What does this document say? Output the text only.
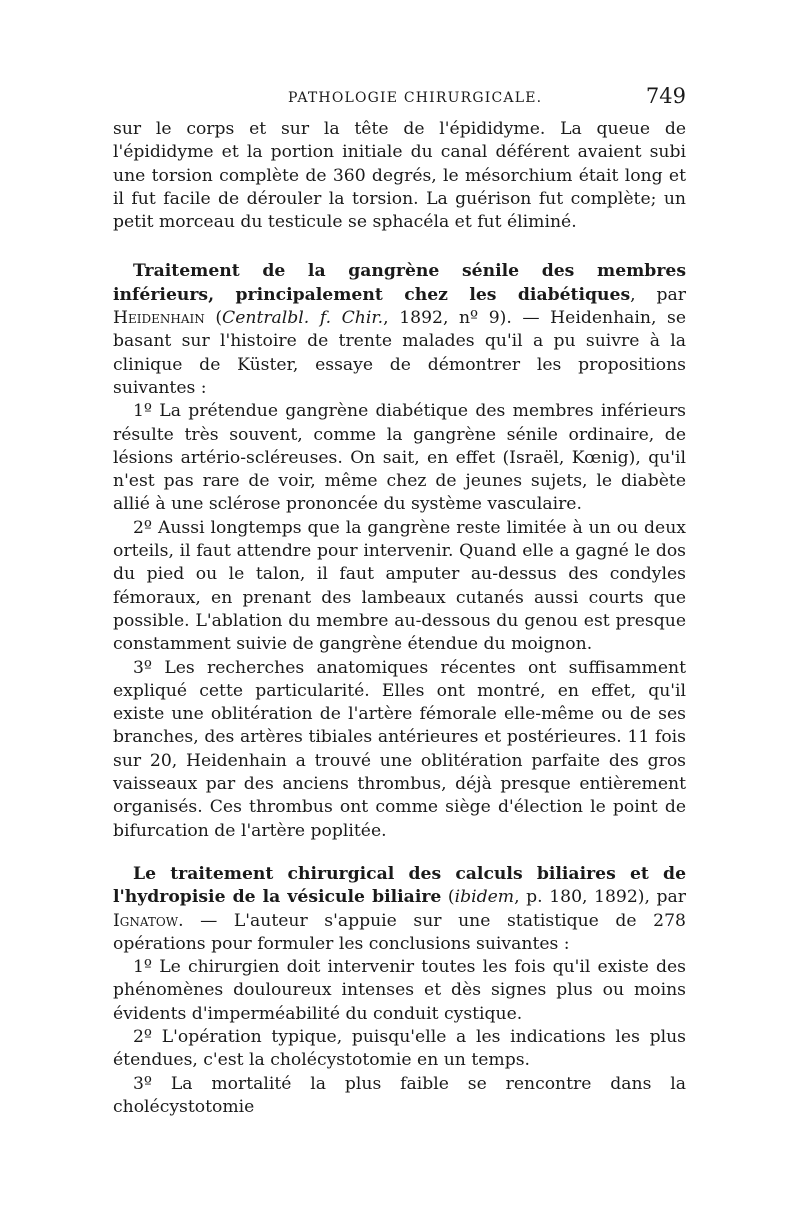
PATHOLOGIE CHIRURGICALE.	749

sur le corps et sur la tête de l'épididyme. La queue de l'épididyme et la portion initiale du canal déférent avaient subi une torsion complète de 360 degrés, le mésorchium était long et il fut facile de dérouler la torsion. La guérison fut complète; un petit morceau du testicule se sphacéla et fut éliminé.

Traitement de la gangrène sénile des membres inférieurs, principalement chez les diabétiques, par Heidenhain (Centralbl. f. Chir., 1892, nº 9). — Heidenhain, se basant sur l'histoire de trente malades qu'il a pu suivre à la clinique de Küster, essaye de démontrer les propositions suivantes :

1º La prétendue gangrène diabétique des membres inférieurs résulte très souvent, comme la gangrène sénile ordinaire, de lésions artério-scléreuses. On sait, en effet (Israël, Kœnig), qu'il n'est pas rare de voir, même chez de jeunes sujets, le diabète allié à une sclérose prononcée du système vasculaire.

2º Aussi longtemps que la gangrène reste limitée à un ou deux orteils, il faut attendre pour intervenir. Quand elle a gagné le dos du pied ou le talon, il faut amputer au-dessus des condyles fémoraux, en prenant des lambeaux cutanés aussi courts que possible. L'ablation du membre au-dessous du genou est presque constamment suivie de gangrène étendue du moignon.

3º Les recherches anatomiques récentes ont suffisamment expliqué cette particularité. Elles ont montré, en effet, qu'il existe une oblitération de l'artère fémorale elle-même ou de ses branches, des artères tibiales antérieures et postérieures. 11 fois sur 20, Heidenhain a trouvé une oblitération parfaite des gros vaisseaux par des anciens thrombus, déjà presque entièrement organisés. Ces thrombus ont comme siège d'élection le point de bifurcation de l'artère poplitée.

Le traitement chirurgical des calculs biliaires et de l'hydropisie de la vésicule biliaire (ibidem, p. 180, 1892), par Ignatow. — L'auteur s'appuie sur une statistique de 278 opérations pour formuler les conclusions suivantes :

1º Le chirurgien doit intervenir toutes les fois qu'il existe des phénomènes douloureux intenses et dès signes plus ou moins évidents d'imperméabilité du conduit cystique.

2º L'opération typique, puisqu'elle a les indications les plus étendues, c'est la cholécystotomie en un temps.

3º La mortalité la plus faible se rencontre dans la cholécystotomie
